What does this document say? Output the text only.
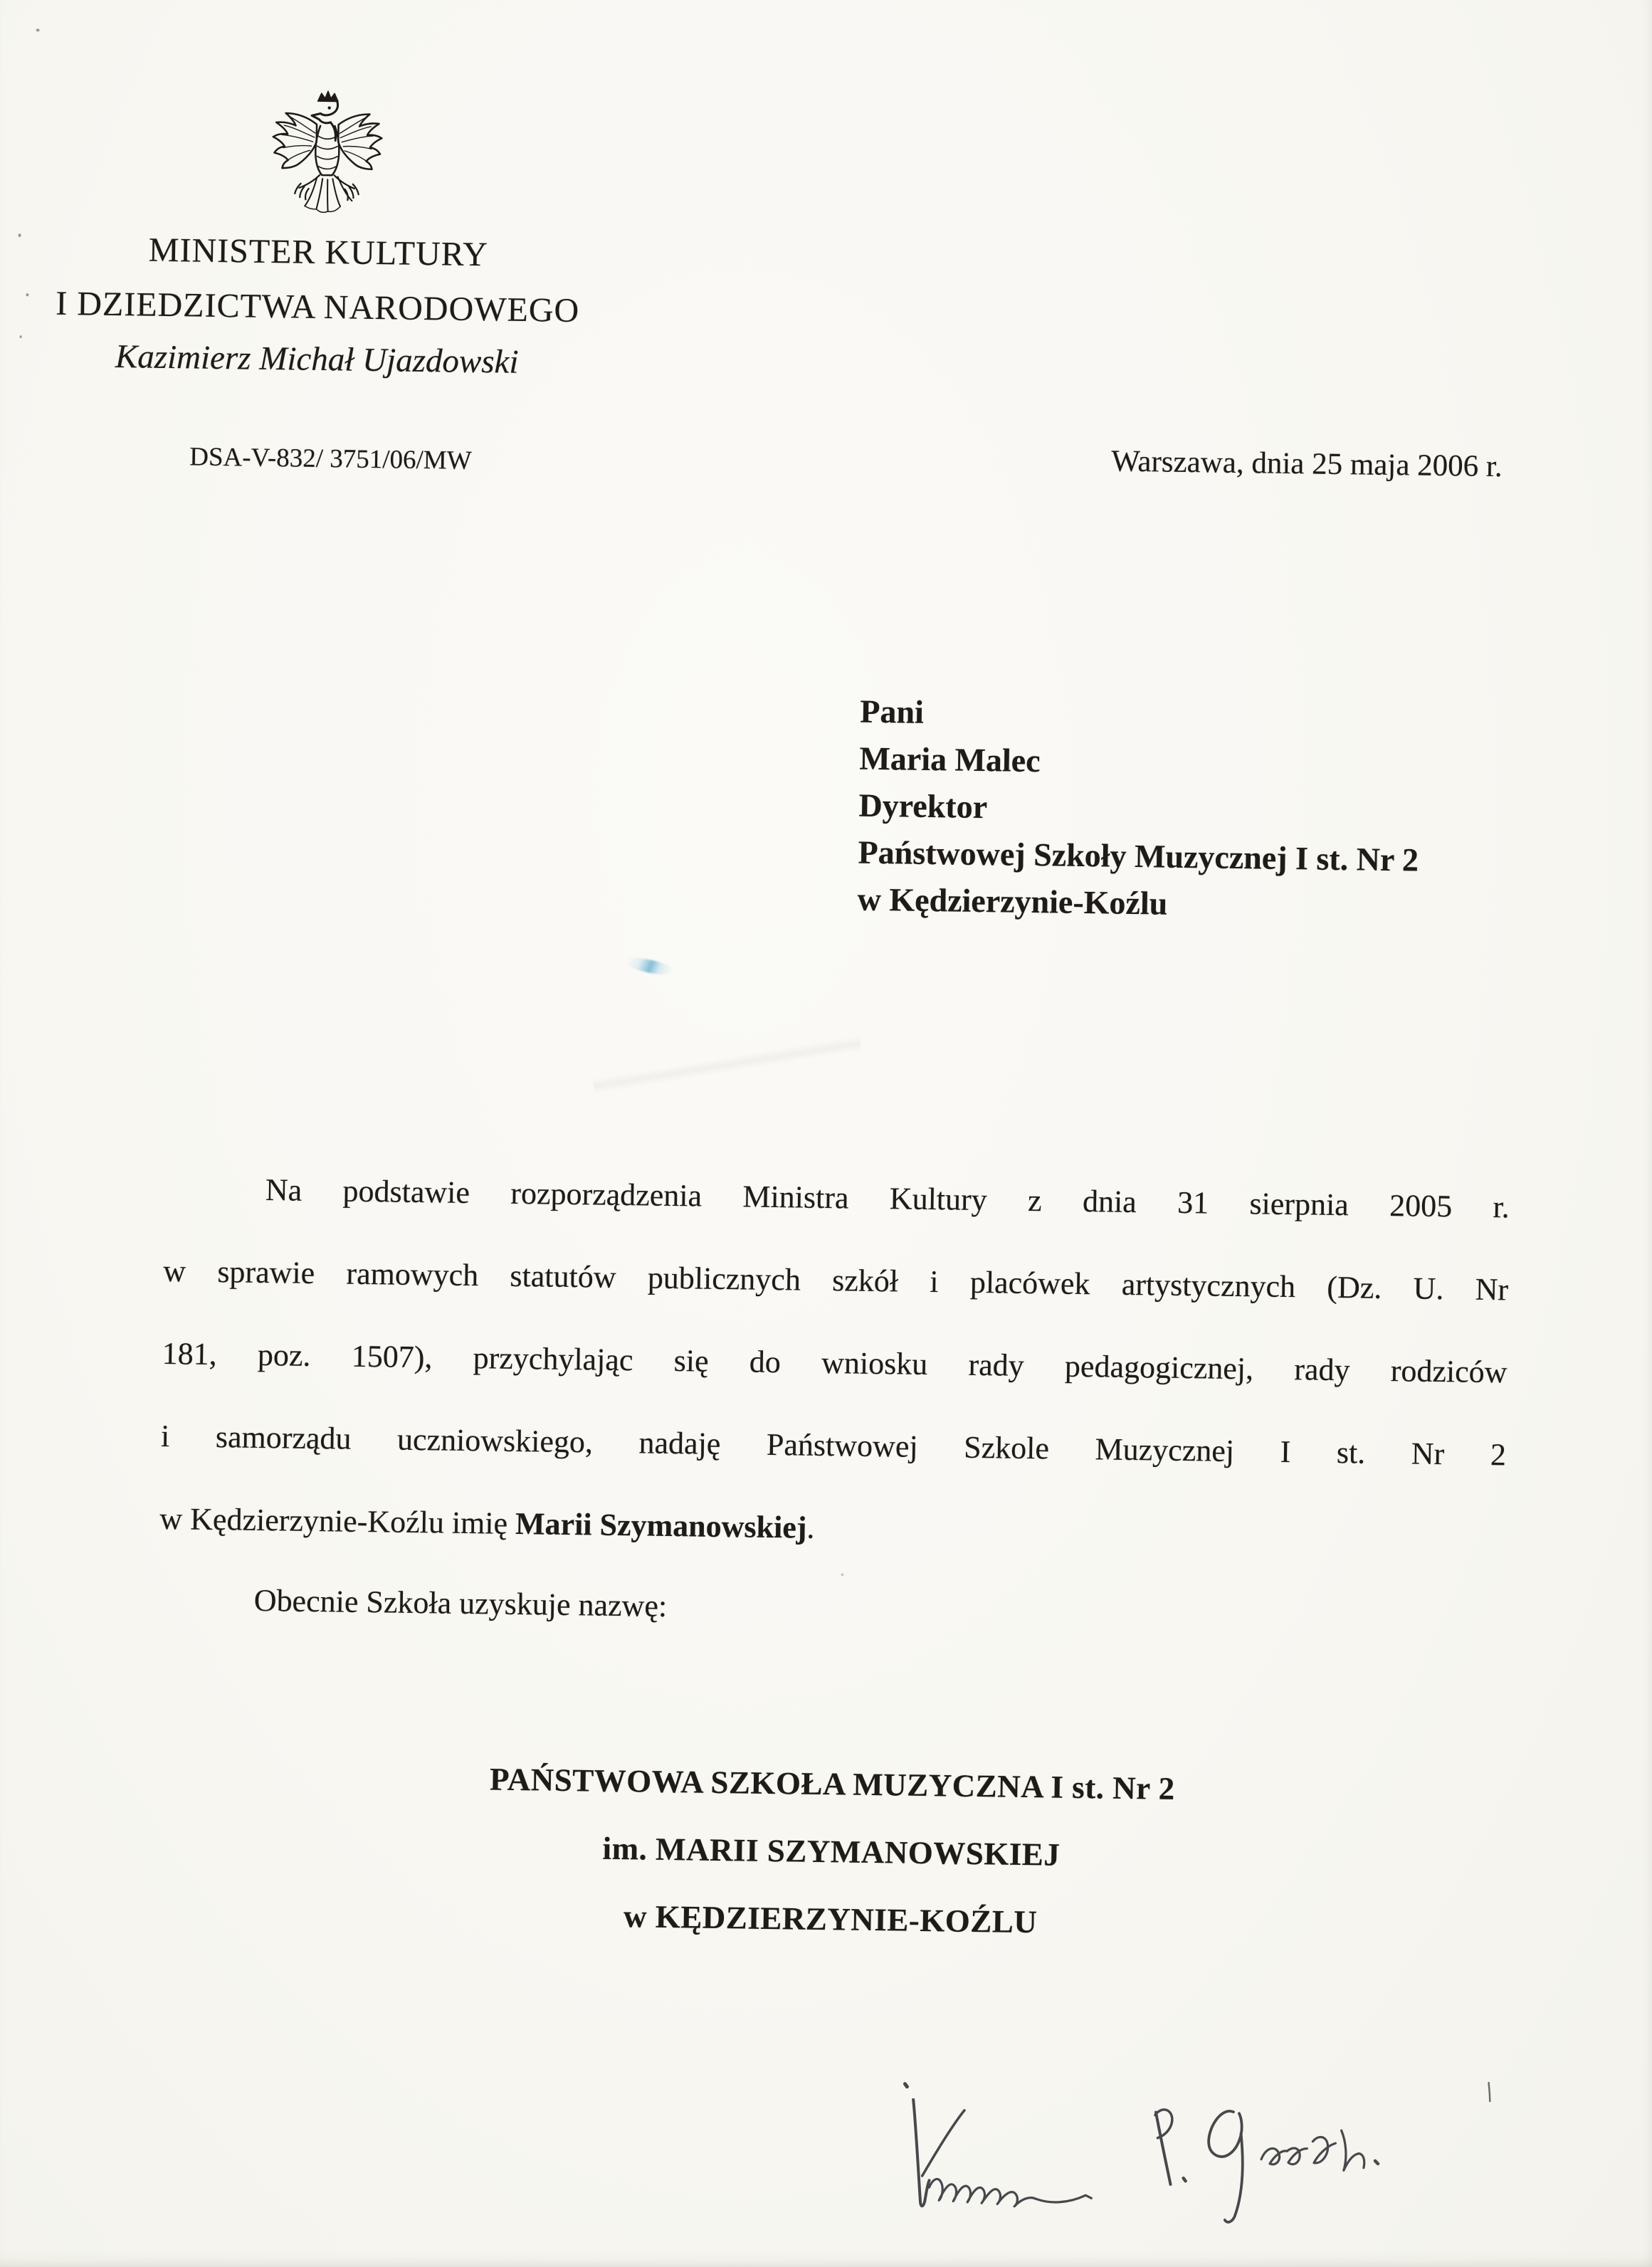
MINISTER KULTURY
I DZIEDZICTWA NARODOWEGO
Kazimierz Michał Ujazdowski
DSA-V-832/ 3751/06/MW	Warszawa, dnia 25 maja 2006 r.
Pani
Maria Malec
Dyrektor
Państwowej Szkoły Muzycznej I st. Nr 2
w Kędzierzynie-Koźlu
Na podstawie rozporządzenia Ministra Kultury z dnia 31 sierpnia 2005 r.
w sprawie ramowych statutów publicznych szkół i placówek artystycznych (Dz. U. Nr
181, poz. 1507), przychylając się do wniosku rady pedagogicznej, rady rodziców
i samorządu uczniowskiego, nadaję Państwowej Szkole Muzycznej I st. Nr 2
w Kędzierzynie-Koźlu imię Marii Szymanowskiej.
Obecnie Szkoła uzyskuje nazwę:
PAŃSTWOWA SZKOŁA MUZYCZNA I st. Nr 2
im. MARII SZYMANOWSKIEJ
w KĘDZIERZYNIE-KOŹLU
